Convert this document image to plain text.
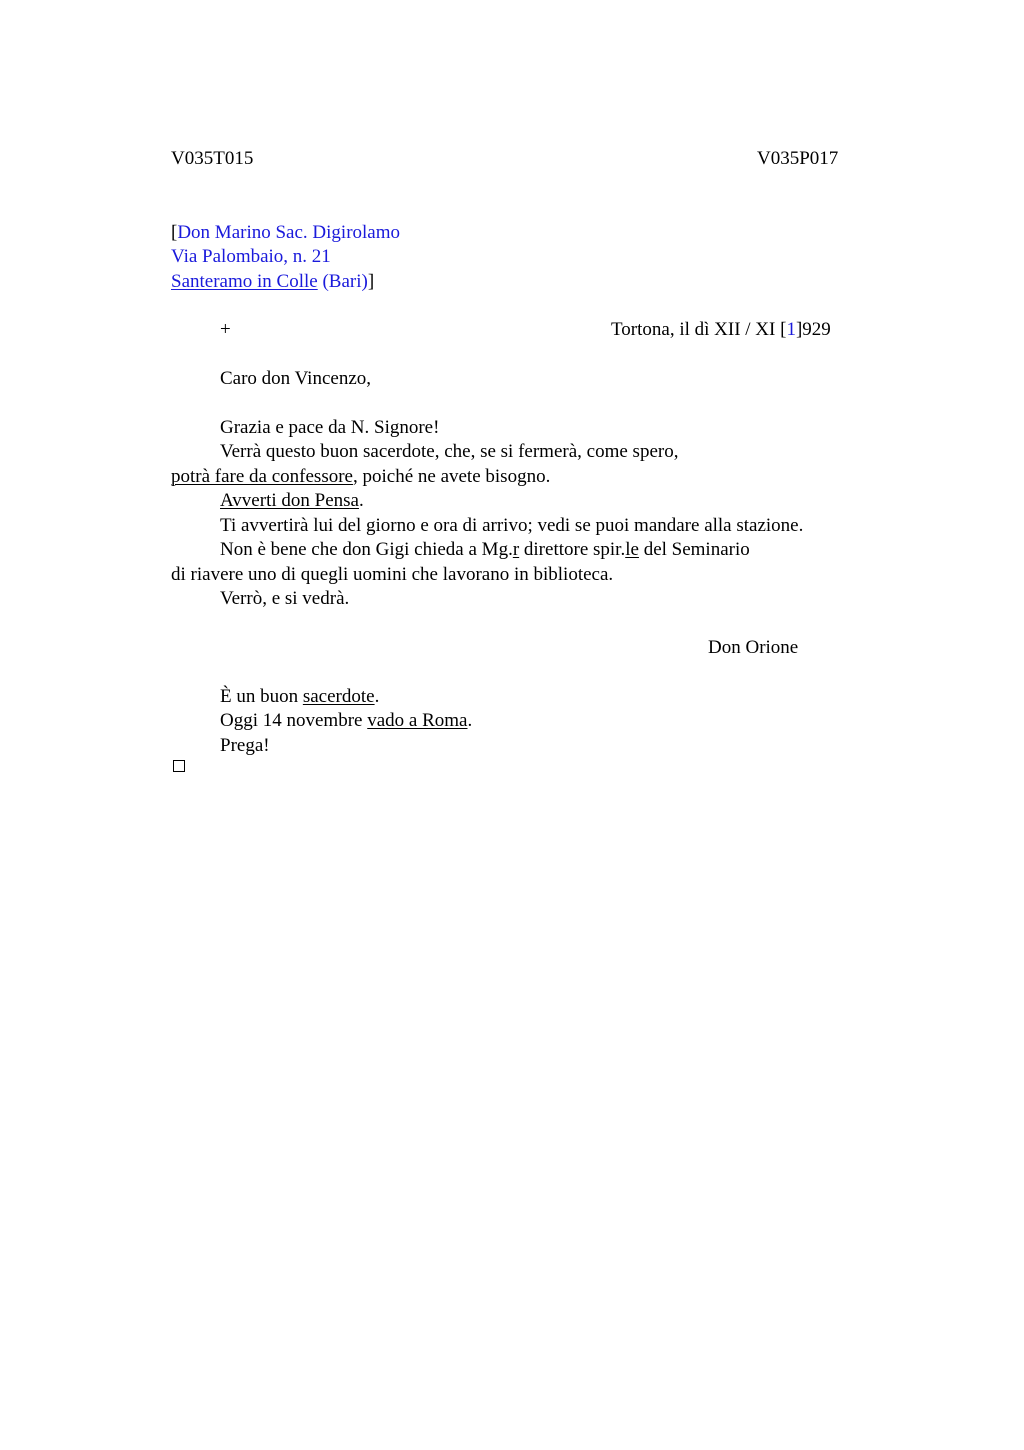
V035T015	V035P017
[Don Marino Sac. Digirolamo
Via Palombaio, n. 21
Santeramo in Colle (Bari)]
+	Tortona, il dì XII / XI [1]929
Caro don Vincenzo,
Grazia e pace da N. Signore!
Verrà questo buon sacerdote, che, se si fermerà, come spero,
potrà fare da confessore, poiché ne avete bisogno.
Avverti don Pensa.
Ti avvertirà lui del giorno e ora di arrivo; vedi se puoi mandare alla stazione.
Non è bene che don Gigi chieda a Mg.r direttore spir.le del Seminario
di riavere uno di quegli uomini che lavorano in biblioteca.
Verrò, e si vedrà.
Don Orione
È un buon sacerdote.
Oggi 14 novembre vado a Roma.
Prega!
